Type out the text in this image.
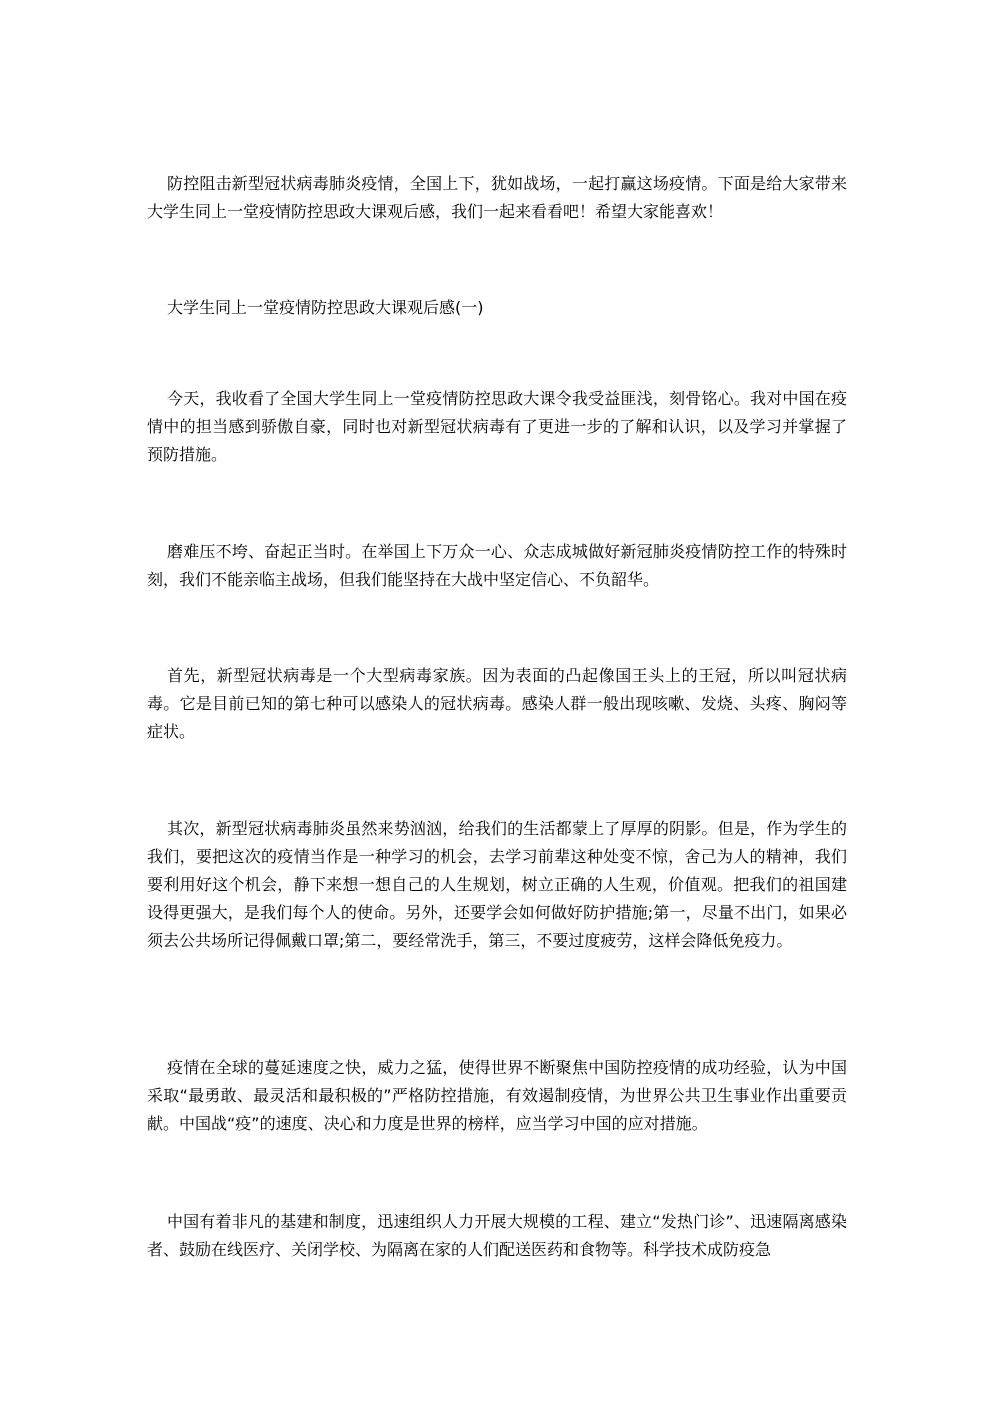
防控阻击新型冠状病毒肺炎疫情，全国上下，犹如战场，一起打赢这场疫情。下面是给大家带来大学生同上一堂疫情防控思政大课观后感，我们一起来看看吧！希望大家能喜欢！

大学生同上一堂疫情防控思政大课观后感(一)

今天，我收看了全国大学生同上一堂疫情防控思政大课令我受益匪浅，刻骨铭心。我对中国在疫情中的担当感到骄傲自豪，同时也对新型冠状病毒有了更进一步的了解和认识，以及学习并掌握了预防措施。

磨难压不垮、奋起正当时。在举国上下万众一心、众志成城做好新冠肺炎疫情防控工作的特殊时刻，我们不能亲临主战场，但我们能坚持在大战中坚定信心、不负韶华。

首先，新型冠状病毒是一个大型病毒家族。因为表面的凸起像国王头上的王冠，所以叫冠状病毒。它是目前已知的第七种可以感染人的冠状病毒。感染人群一般出现咳嗽、发烧、头疼、胸闷等症状。

其次，新型冠状病毒肺炎虽然来势汹汹，给我们的生活都蒙上了厚厚的阴影。但是，作为学生的我们，要把这次的疫情当作是一种学习的机会，去学习前辈这种处变不惊，舍己为人的精神，我们要利用好这个机会，静下来想一想自己的人生规划，树立正确的人生观，价值观。把我们的祖国建设得更强大，是我们每个人的使命。另外，还要学会如何做好防护措施;第一，尽量不出门，如果必须去公共场所记得佩戴口罩;第二，要经常洗手，第三，不要过度疲劳，这样会降低免疫力。

疫情在全球的蔓延速度之快，威力之猛，使得世界不断聚焦中国防控疫情的成功经验，认为中国采取“最勇敢、最灵活和最积极的”严格防控措施，有效遏制疫情，为世界公共卫生事业作出重要贡献。中国战“疫”的速度、决心和力度是世界的榜样，应当学习中国的应对措施。

中国有着非凡的基建和制度，迅速组织人力开展大规模的工程、建立“发热门诊”、迅速隔离感染者、鼓励在线医疗、关闭学校、为隔离在家的人们配送医药和食物等。科学技术成防疫急
